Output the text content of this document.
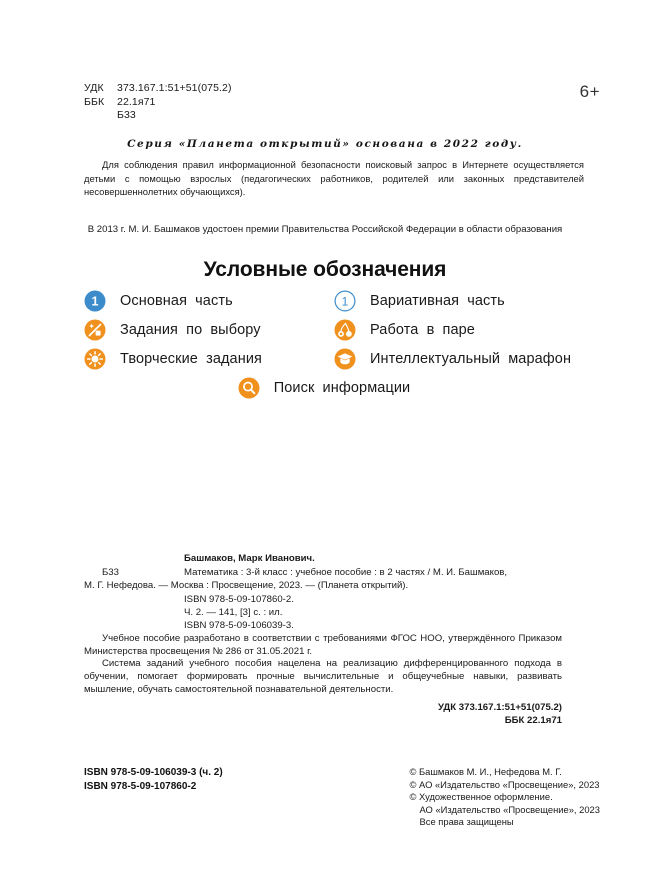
УДК	373.167.1:51+51(075.2)
ББК	22.1я71
Б33
6+
Серия «Планета открытий» основана в 2022 году.
Для соблюдения правил информационной безопасности поисковый запрос в Интернете осуществляется детьми с помощью взрослых (педагогических работников, родителей или законных представителей несовершеннолетних обучающихся).
В 2013 г. М. И. Башмаков удостоен премии Правительства Российской Федерации в области образования
Условные обозначения
1 Основная часть	1 Вариативная часть
Задания по выбору	Работа в паре
Творческие задания	Интеллектуальный марафон
Поиск информации
Башмаков, Марк Иванович.
Б33	Математика : 3-й класс : учебное пособие : в 2 частях / М. И. Башмаков,
М. Г. Нефедова. — Москва : Просвещение, 2023. — (Планета открытий).
ISBN 978-5-09-107860-2.
Ч. 2. — 141, [3] с. : ил.
ISBN 978-5-09-106039-3.
Учебное пособие разработано в соответствии с требованиями ФГОС НОО, утверждённого Приказом Министерства просвещения № 286 от 31.05.2021 г.
Система заданий учебного пособия нацелена на реализацию дифференцированного подхода в обучении, помогает формировать прочные вычислительные и общеучебные навыки, развивать мышление, обучать самостоятельной познавательной деятельности.
УДК 373.167.1:51+51(075.2)
ББК 22.1я71
ISBN 978-5-09-106039-3 (ч. 2)
ISBN 978-5-09-107860-2
© Башмаков М. И., Нефедова М. Г.
© АО «Издательство «Просвещение», 2023
© Художественное оформление.
АО «Издательство «Просвещение», 2023
Все права защищены
